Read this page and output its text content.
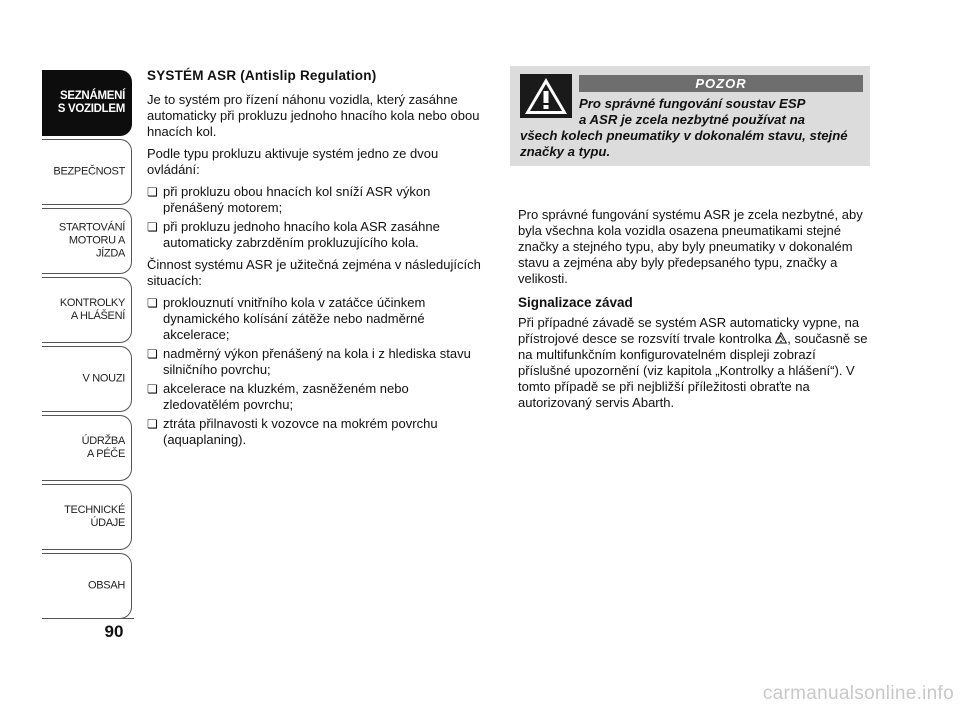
SEZNÁMENÍ
S VOZIDLEM
BEZPEČNOST
STARTOVÁNÍ
MOTORU A JÍZDA
KONTROLKY
A HLÁŠENÍ
V NOUZI
ÚDRŽBA
A PÉČE
TECHNICKÉ
ÚDAJE
OBSAH
90
SYSTÉM ASR (Antislip Regulation)

Je to systém pro řízení náhonu vozidla, který zasáhne automaticky při prokluzu jednoho hnacího kola nebo obou hnacích kol.

Podle typu prokluzu aktivuje systém jedno ze dvou ovládání:

❏ při prokluzu obou hnacích kol sníží ASR výkon přenášený motorem;
❏ při prokluzu jednoho hnacího kola ASR zasáhne automaticky zabrzděním prokluzujícího kola.

Činnost systému ASR je užitečná zejména v následujících situacích:

❏ proklouznutí vnitřního kola v zatáčce účinkem dynamického kolísání zátěže nebo nadměrné akcelerace;
❏ nadměrný výkon přenášený na kola i z hlediska stavu silničního povrchu;
❏ akcelerace na kluzkém, zasněženém nebo zledovatělém povrchu;
❏ ztráta přilnavosti k vozovce na mokrém povrchu (aquaplaning).
POZOR
Pro správné fungování soustav ESP
a ASR je zcela nezbytné používat na
všech kolech pneumatiky v dokonalém stavu, stejné značky a typu.

Pro správné fungování systému ASR je zcela nezbytné, aby byla všechna kola vozidla osazena pneumatikami stejné značky a stejného typu, aby byly pneumatiky v dokonalém stavu a zejména aby byly předepsaného typu, značky a velikosti.

Signalizace závad

Při případné závadě se systém ASR automaticky vypne, na přístrojové desce se rozsvítí trvale kontrolka , současně se na multifunkčním konfigurovatelném displeji zobrazí příslušné upozornění (viz kapitola „Kontrolky a hlášení“). V tomto případě se při nejbližší příležitosti obraťte na autorizovaný servis Abarth.

carmanualsonline.info
